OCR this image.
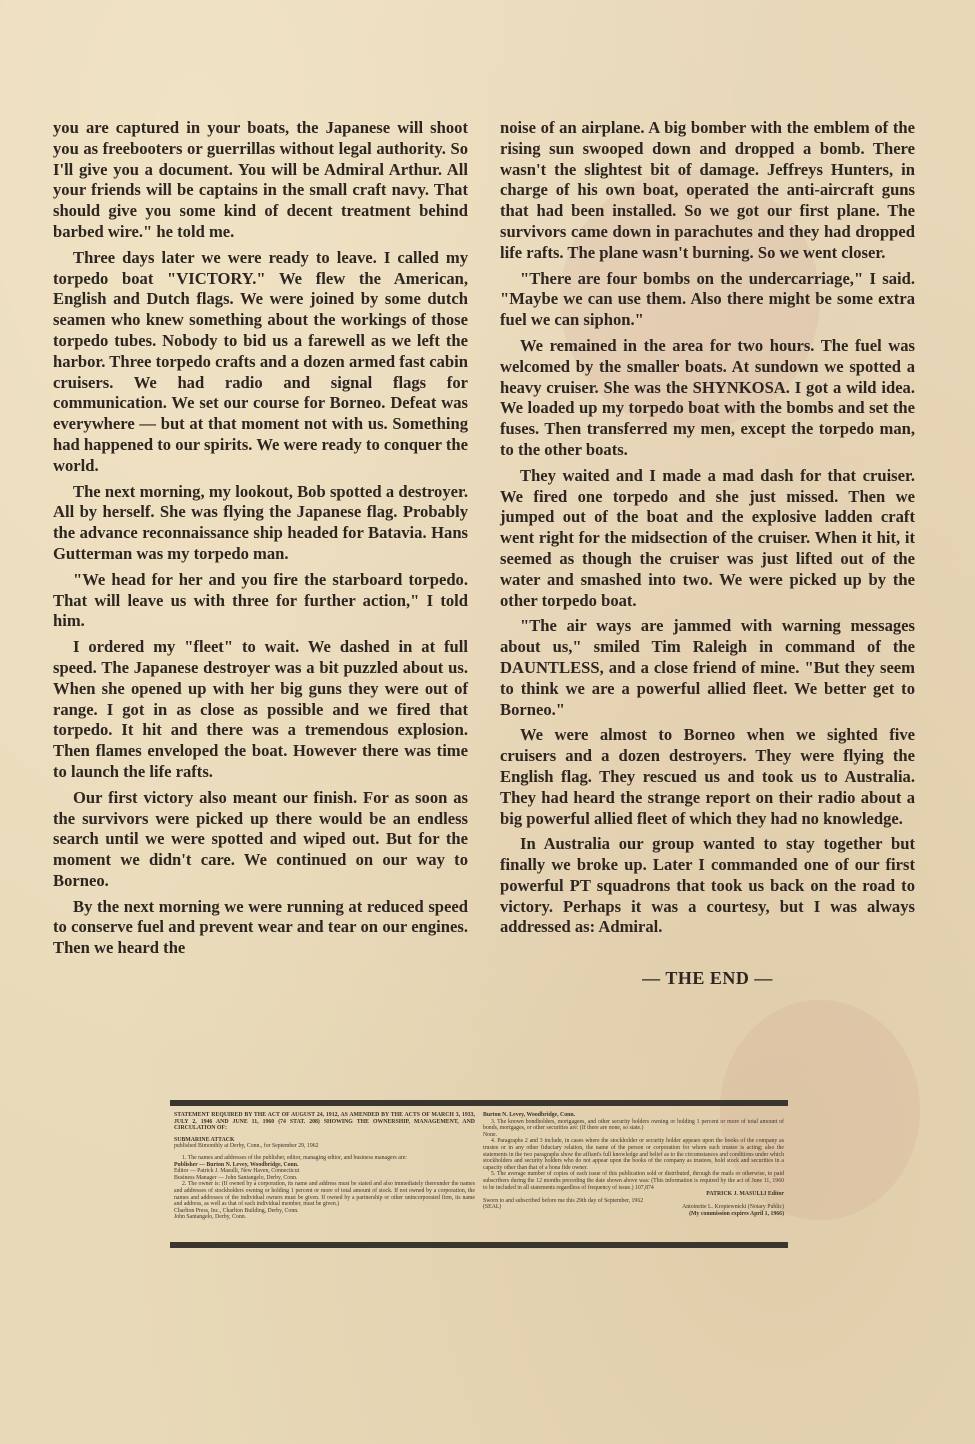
you are captured in your boats, the Japanese will shoot you as freebooters or guerrillas without legal authority. So I'll give you a document. You will be Admiral Arthur. All your friends will be captains in the small craft navy. That should give you some kind of decent treatment behind barbed wire." he told me.

Three days later we were ready to leave. I called my torpedo boat "VICTORY." We flew the American, English and Dutch flags. We were joined by some dutch seamen who knew something about the workings of those torpedo tubes. Nobody to bid us a farewell as we left the harbor. Three torpedo crafts and a dozen armed fast cabin cruisers. We had radio and signal flags for communication. We set our course for Borneo. Defeat was everywhere — but at that moment not with us. Something had happened to our spirits. We were ready to conquer the world.

The next morning, my lookout, Bob spotted a destroyer. All by herself. She was flying the Japanese flag. Probably the advance reconnaissance ship headed for Batavia. Hans Gutterman was my torpedo man.

"We head for her and you fire the starboard torpedo. That will leave us with three for further action," I told him.

I ordered my "fleet" to wait. We dashed in at full speed. The Japanese destroyer was a bit puzzled about us. When she opened up with her big guns they were out of range. I got in as close as possible and we fired that torpedo. It hit and there was a tremendous explosion. Then flames enveloped the boat. However there was time to launch the life rafts.

Our first victory also meant our finish. For as soon as the survivors were picked up there would be an endless search until we were spotted and wiped out. But for the moment we didn't care. We continued on our way to Borneo.

By the next morning we were running at reduced speed to conserve fuel and prevent wear and tear on our engines. Then we heard the

noise of an airplane. A big bomber with the emblem of the rising sun swooped down and dropped a bomb. There wasn't the slightest bit of damage. Jeffreys Hunters, in charge of his own boat, operated the anti-aircraft guns that had been installed. So we got our first plane. The survivors came down in parachutes and they had dropped life rafts. The plane wasn't burning. So we went closer.

"There are four bombs on the undercarriage," I said. "Maybe we can use them. Also there might be some extra fuel we can siphon."

We remained in the area for two hours. The fuel was welcomed by the smaller boats. At sundown we spotted a heavy cruiser. She was the SHYNKOSA. I got a wild idea. We loaded up my torpedo boat with the bombs and set the fuses. Then transferred my men, except the torpedo man, to the other boats.

They waited and I made a mad dash for that cruiser. We fired one torpedo and she just missed. Then we jumped out of the boat and the explosive ladden craft went right for the midsection of the cruiser. When it hit, it seemed as though the cruiser was just lifted out of the water and smashed into two. We were picked up by the other torpedo boat.

"The air ways are jammed with warning messages about us," smiled Tim Raleigh in command of the DAUNTLESS, and a close friend of mine. "But they seem to think we are a powerful allied fleet. We better get to Borneo."

We were almost to Borneo when we sighted five cruisers and a dozen destroyers. They were flying the English flag. They rescued us and took us to Australia. They had heard the strange report on their radio about a big powerful allied fleet of which they had no knowledge.

In Australia our group wanted to stay together but finally we broke up. Later I commanded one of our first powerful PT squadrons that took us back on the road to victory. Perhaps it was a courtesy, but I was always addressed as: Admiral.

— THE END —

STATEMENT REQUIRED BY THE ACT OF AUGUST 24, 1912, AS AMENDED BY THE ACTS OF MARCH 3, 1933, JULY 2, 1946 AND JUNE 11, 1960 (74 STAT. 208) SHOWING THE OWNERSHIP, MANAGEMENT, AND CIRCULATION OF:

SUBMARINE ATTACK

published Bimonthly at Derby, Conn., for September 29, 1962

1. The names and addresses of the publisher, editor, managing editor, and business managers are:

Publisher — Burton N. Levey, Woodbridge, Conn.

Editor — Patrick J. Masulli, New Haven, Connecticut

Business Manager — John Santangelo, Derby, Conn.

2. The owner is: (If owned by a corporation, its name and address must be stated and also immediately thereunder the names and addresses of stockholders owning or holding 1 percent or more of total amount of stock. If not owned by a corporation, the names and addresses of the individual owners must be given. If owned by a partnership or other unincorporated firm, its name and address, as well as that of each individual member, must be given.)

Charlton Press, Inc., Charlton Building, Derby, Conn.

John Santangelo, Derby, Conn.

Burton N. Levey, Woodbridge, Conn.

3. The known bondholders, mortgagees, and other security holders owning or holding 1 percent or more of total amount of bonds, mortgages, or other securities are: (If there are none, so state.)

None.

4. Paragraphs 2 and 3 include, in cases where the stockholder or security holder appears upon the books of the company as trustee or in any other fiduciary relation, the name of the person or corporation for whom such trustee is acting; also the statements in the two paragraphs show the affiant's full knowledge and belief as to the circumstances and conditions under which stockholders and security holders who do not appear upon the books of the company as trustees, hold stock and securities in a capacity other than that of a bona fide owner.

5. The average number of copies of each issue of this publication sold or distributed, through the mails or otherwise, to paid subscribers during the 12 months preceding the date shown above was: (This information is required by the act of June 11, 1960 to be included in all statements regardless of frequency of issue.) 107,874

PATRICK J. MASULLI Editor

Sworn to and subscribed before me this 29th day of September, 1962

(SEAL)	Antoinette L. Kropiewnicki (Notary Public)

(My commission expires April 1, 1966)
